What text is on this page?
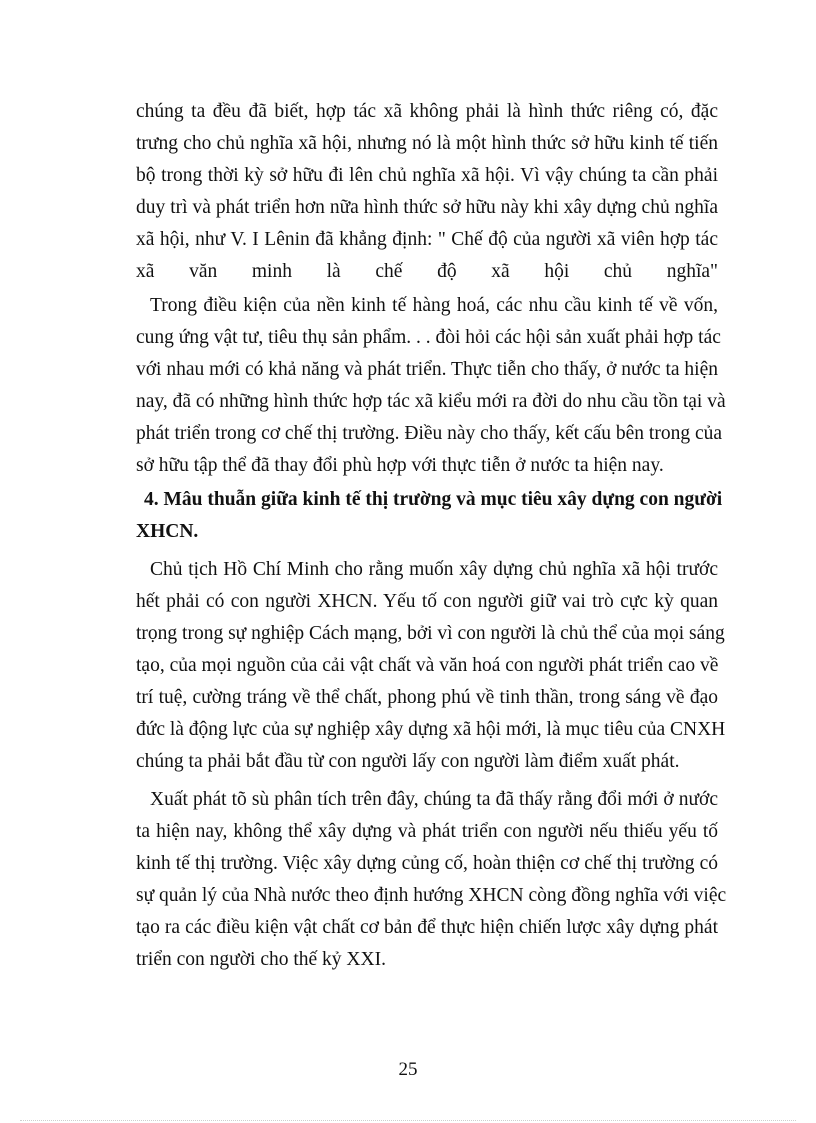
chúng ta đều đã biết, hợp tác xã không phải là hình thức riêng có, đặc
trưng cho chủ nghĩa xã hội, nhưng nó là một hình thức sở hữu kinh tế tiến
bộ trong thời kỳ sở hữu đi lên chủ nghĩa xã hội. Vì vậy chúng ta cần phải
duy trì và phát triển hơn nữa hình thức sở hữu này khi xây dựng chủ nghĩa
xã hội, như V. I Lênin đã khẳng định: " Chế độ của người xã viên hợp tác
xã văn minh là chế độ xã hội chủ nghĩa"
Trong điều kiện của nền kinh tế hàng hoá, các nhu cầu kinh tế về vốn,
cung ứng vật tư, tiêu thụ sản phẩm. . . đòi hỏi các hội sản xuất phải hợp tác
với nhau mới có khả năng và phát triển. Thực tiễn cho thấy, ở nước ta hiện
nay, đã có những hình thức hợp tác xã kiểu mới ra đời do nhu cầu tồn tại và
phát triển trong cơ chế thị trường. Điều này cho thấy, kết cấu bên trong của
sở hữu tập thể đã thay đổi phù hợp với thực tiễn ở nước ta hiện nay.
4. Mâu thuẫn giữa kinh tế thị trường và mục tiêu xây dựng con người
XHCN.
Chủ tịch Hồ Chí Minh cho rằng muốn xây dựng chủ nghĩa xã hội trước
hết phải có con người XHCN. Yếu tố con người giữ vai trò cực kỳ quan
trọng trong sự nghiệp Cách mạng, bởi vì con người là chủ thể của mọi sáng
tạo, của mọi nguồn của cải vật chất và văn hoá con người phát triển cao về
trí tuệ, cường tráng về thể chất, phong phú về tinh thần, trong sáng về đạo
đức là động lực của sự nghiệp xây dựng xã hội mới, là mục tiêu của CNXH
chúng ta phải bắt đầu từ con người lấy con người làm điểm xuất phát.
Xuất phát tõ sù phân tích trên đây, chúng ta đã thấy rằng đổi mới ở nước
ta hiện nay, không thể xây dựng và phát triển con người nếu thiếu yếu tố
kinh tế thị trường. Việc xây dựng củng cố, hoàn thiện cơ chế thị trường có
sự quản lý của Nhà nước theo định hướng XHCN còng đồng nghĩa với việc
tạo ra các điều kiện vật chất cơ bản để thực hiện chiến lược xây dựng phát
triển con người cho thế kỷ XXI.
25
